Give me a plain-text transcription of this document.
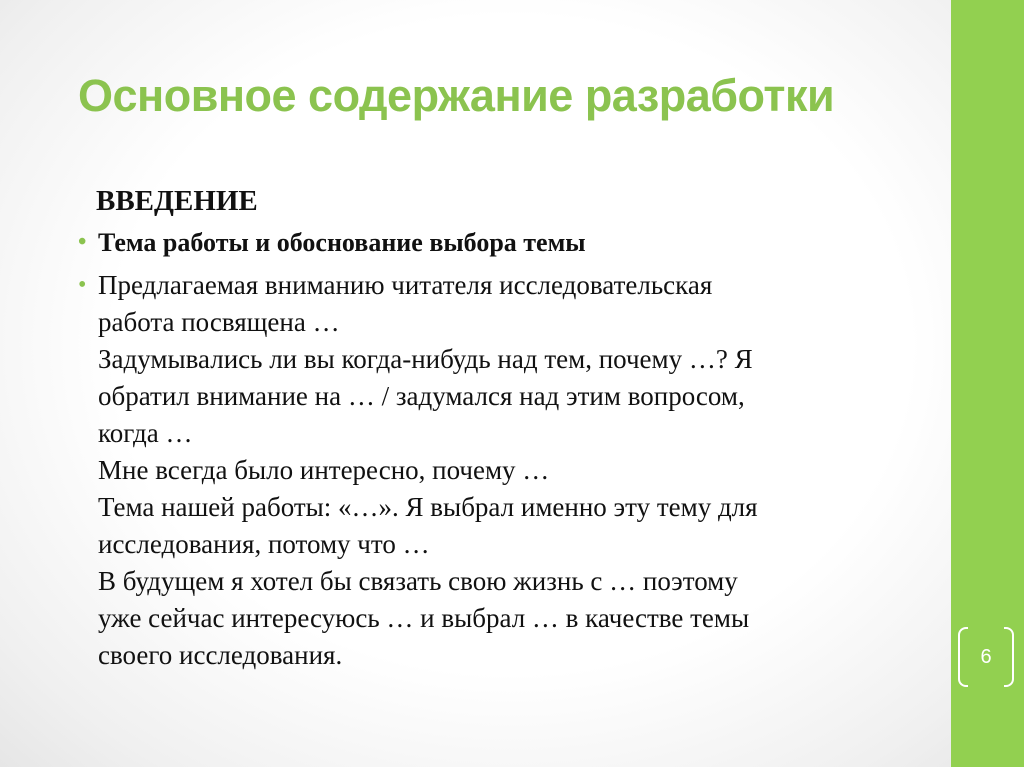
Основное содержание разработки
ВВЕДЕНИЕ
• Тема работы и обоснование выбора темы
• Предлагаемая вниманию читателя исследовательская
работа посвящена …
Задумывались ли вы когда-нибудь над тем, почему …? Я
обратил внимание на … / задумался над этим вопросом,
когда …
Мне всегда было интересно, почему …
Тема нашей работы: «…». Я выбрал именно эту тему для
исследования, потому что …
В будущем я хотел бы связать свою жизнь с … поэтому
уже сейчас интересуюсь … и выбрал … в качестве темы
своего исследования.	6
